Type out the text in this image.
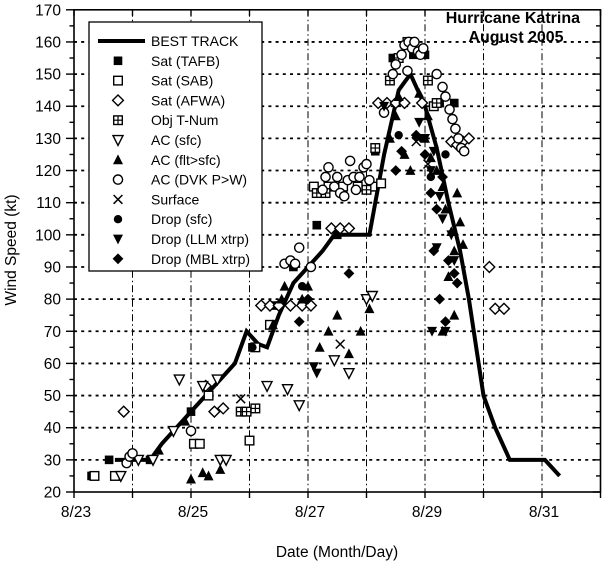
BEST TRACK
Sat (TAFB)
Sat (SAB)
Sat (AFWA)
Obj T-Num
AC (sfc)
AC (flt>sfc)
AC (DVK P>W)
Surface
Drop (sfc)
Drop (LLM xtrp)
Drop (MBL xtrp)
20
30
40
50
60
70
80
90
100
110
120
130
140
150
160
170
8/23	8/25	8/27	8/29	8/31
Hurricane Katrina
August 2005
Date (Month/Day)
Wind Speed (kt)
